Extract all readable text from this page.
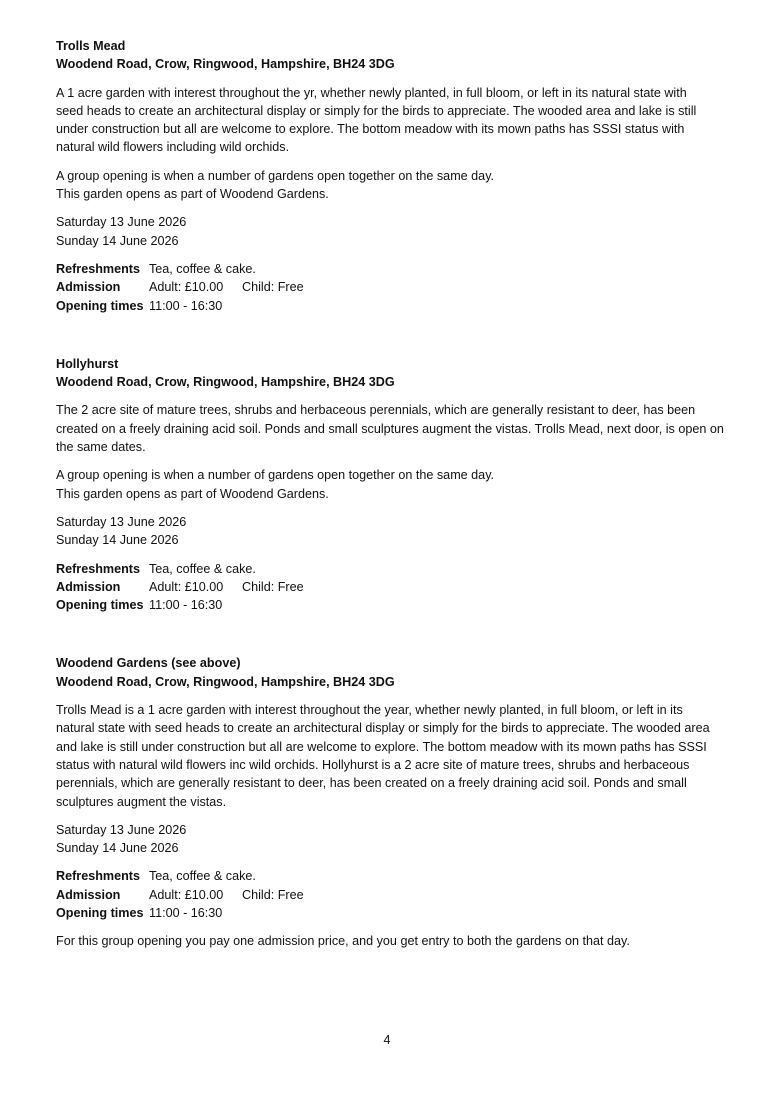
Trolls Mead

Woodend Road, Crow, Ringwood, Hampshire, BH24 3DG

A 1 acre garden with interest throughout the yr, whether newly planted, in full bloom, or left in its natural state with
seed heads to create an architectural display or simply for the birds to appreciate. The wooded area and lake is still
under construction but all are welcome to explore. The bottom meadow with its mown paths has SSSI status with
natural wild flowers including wild orchids.
A group opening is when a number of gardens open together on the same day.
This garden opens as part of Woodend Gardens.
Saturday 13 June 2026
Sunday 14 June 2026
Refreshments Tea, coffee & cake.
Admission	Adult: £10.00	Child: Free
Opening times 11:00 - 16:30

Hollyhurst

Woodend Road, Crow, Ringwood, Hampshire, BH24 3DG

The 2 acre site of mature trees, shrubs and herbaceous perennials, which are generally resistant to deer, has been
created on a freely draining acid soil. Ponds and small sculptures augment the vistas. Trolls Mead, next door, is open on
the same dates.
A group opening is when a number of gardens open together on the same day.
This garden opens as part of Woodend Gardens.
Saturday 13 June 2026
Sunday 14 June 2026
Refreshments Tea, coffee & cake.
Admission	Adult: £10.00	Child: Free
Opening times 11:00 - 16:30

Woodend Gardens (see above)

Woodend Road, Crow, Ringwood, Hampshire, BH24 3DG

Trolls Mead is a 1 acre garden with interest throughout the year, whether newly planted, in full bloom, or left in its
natural state with seed heads to create an architectural display or simply for the birds to appreciate. The wooded area
and lake is still under construction but all are welcome to explore. The bottom meadow with its mown paths has SSSI
status with natural wild flowers inc wild orchids. Hollyhurst is a 2 acre site of mature trees, shrubs and herbaceous
perennials, which are generally resistant to deer, has been created on a freely draining acid soil. Ponds and small
sculptures augment the vistas.
Saturday 13 June 2026
Sunday 14 June 2026
Refreshments Tea, coffee & cake.
Admission	Adult: £10.00	Child: Free
Opening times 11:00 - 16:30

For this group opening you pay one admission price, and you get entry to both the gardens on that day.

4
